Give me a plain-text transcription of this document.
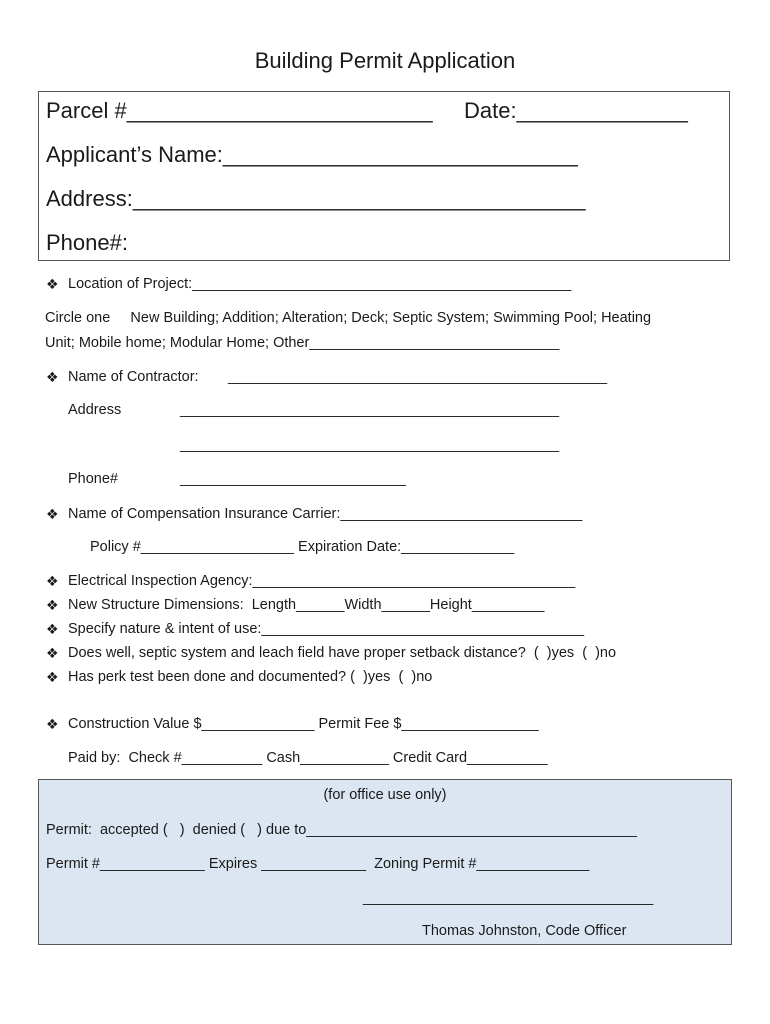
Building Permit Application
Parcel #_________________________ Date:______________
Applicant’s Name:_____________________________
Address:_____________________________________
Phone#:
❖ Location of Project:_______________________________________________
Circle one     New Building; Addition; Alteration; Deck; Septic System; Swimming Pool; Heating
Unit; Mobile home; Modular Home; Other_______________________________
❖ Name of Contractor: _______________________________________________
Address	_______________________________________________
_______________________________________________
Phone#	____________________________
❖ Name of Compensation Insurance Carrier:______________________________
Policy #___________________ Expiration Date:______________
❖ Electrical Inspection Agency:________________________________________
❖ New Structure Dimensions:  Length______Width______Height_________
❖ Specify nature & intent of use:________________________________________
❖ Does well, septic system and leach field have proper setback distance?  (  )yes  (  )no
❖ Has perk test been done and documented? (  )yes  (  )no
❖ Construction Value $______________ Permit Fee $_________________
Paid by:  Check #__________ Cash___________ Credit Card__________
(for office use only)
Permit:  accepted (   )  denied (   ) due to_________________________________________
Permit #_____________ Expires _____________  Zoning Permit #______________
____________________________________
Thomas Johnston, Code Officer
